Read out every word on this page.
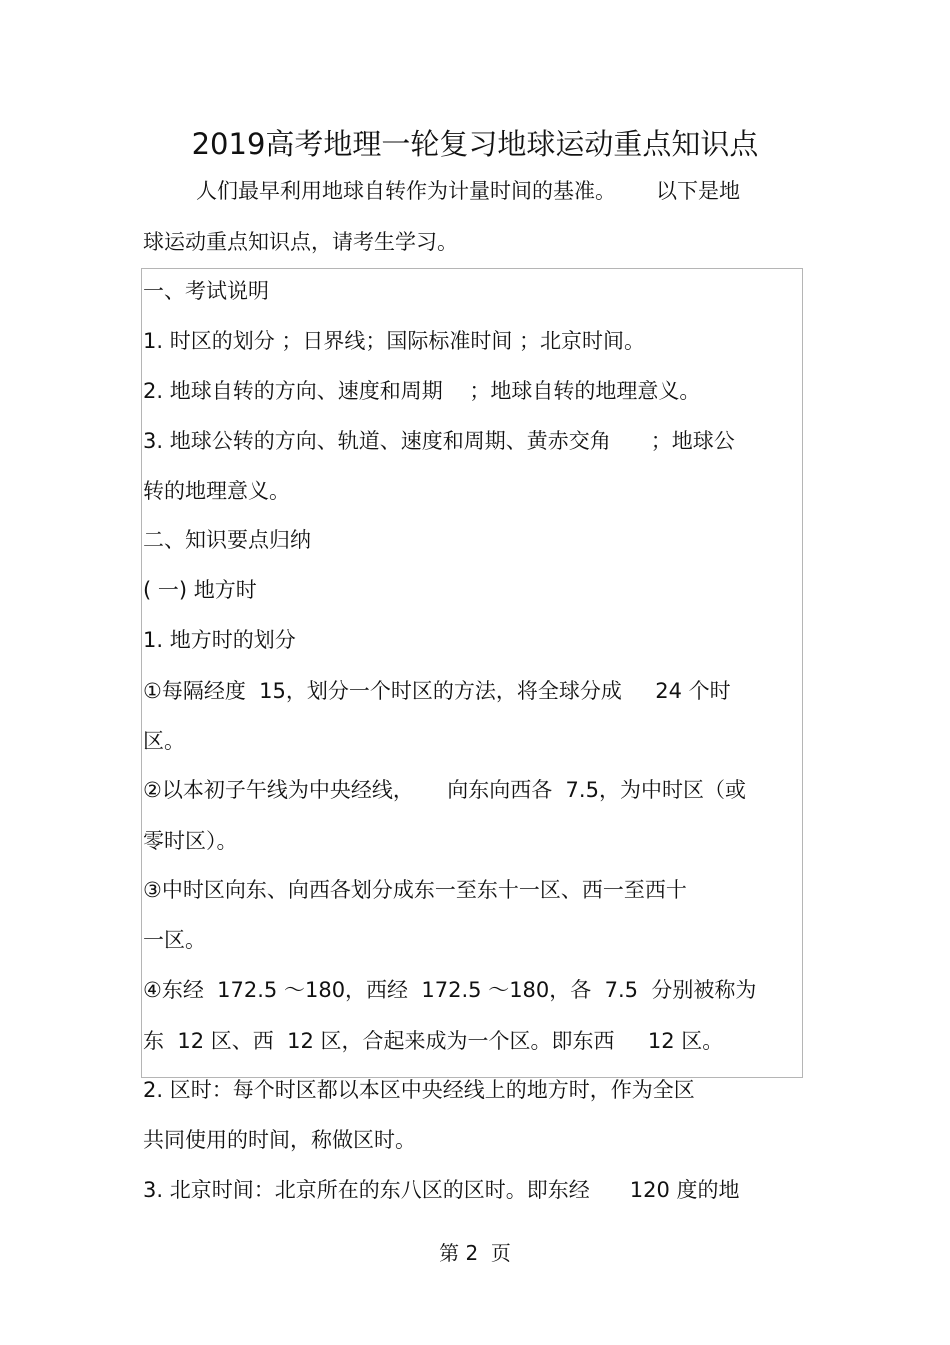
2019高考地理一轮复习地球运动重点知识点
人们最早利用地球自转作为计量时间的基准。      以下是地
球运动重点知识点，请考生学习。
一、考试说明
1. 时区的划分 ；日界线；国际标准时间 ；北京时间。
2. 地球自转的方向、速度和周期    ；地球自转的地理意义。
3. 地球公转的方向、轨道、速度和周期、黄赤交角      ；地球公
转的地理意义。
二、知识要点归纳
( 一) 地方时
1. 地方时的划分
①每隔经度  15，划分一个时区的方法，将全球分成     24 个时
区。
②以本初子午线为中央经线，     向东向西各  7.5，为中时区（或
零时区）。
③中时区向东、向西各划分成东一至东十一区、西一至西十
一区。
④东经  172.5 ～180，西经  172.5 ～180，各  7.5  分别被称为
东  12 区、西  12 区，合起来成为一个区。即东西     12 区。
2. 区时：每个时区都以本区中央经线上的地方时，作为全区
共同使用的时间，称做区时。
3. 北京时间：北京所在的东八区的区时。即东经      120 度的地
第 2  页
